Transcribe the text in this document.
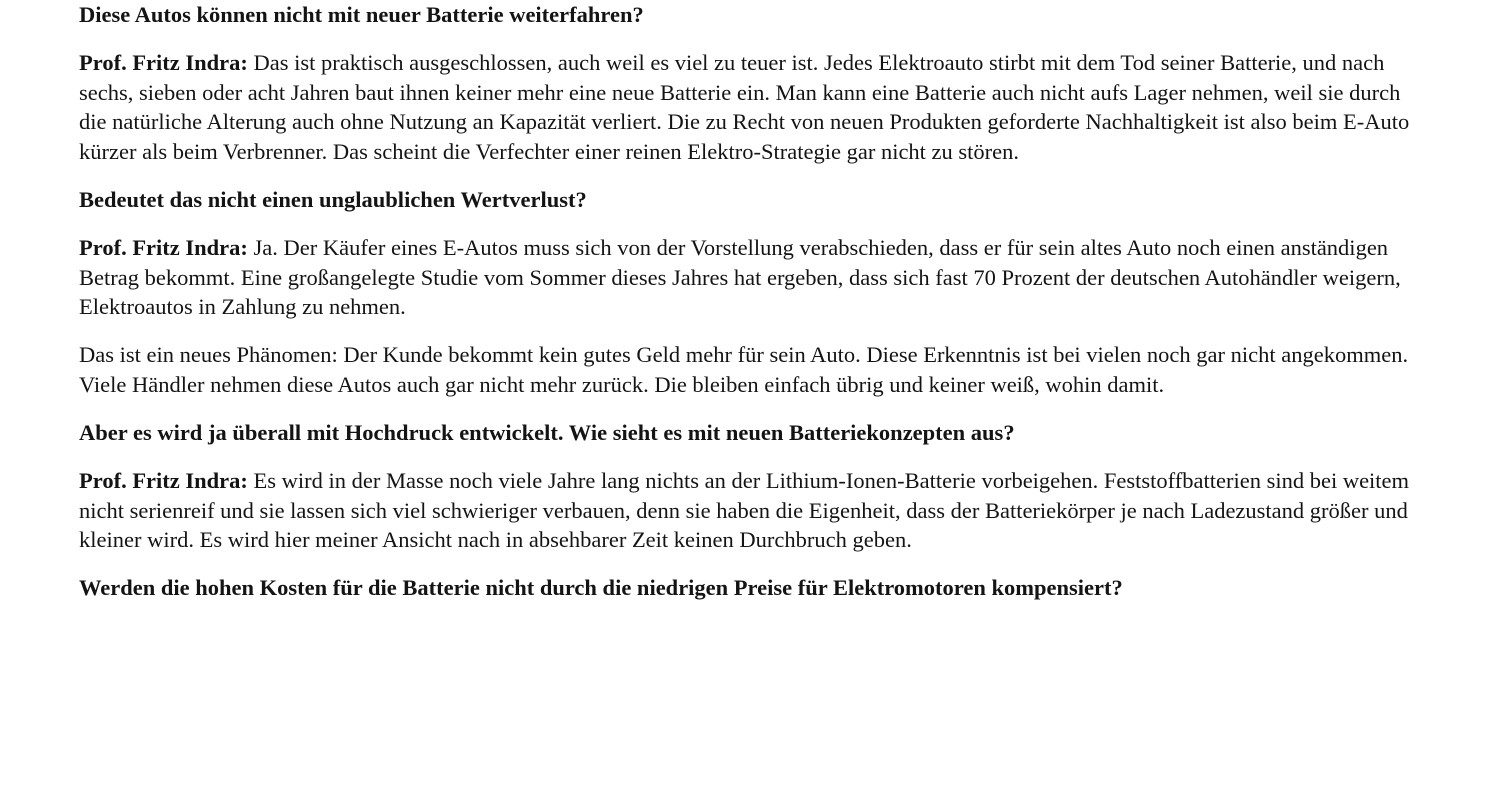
Diese Autos können nicht mit neuer Batterie weiterfahren?

Prof. Fritz Indra: Das ist praktisch ausgeschlossen, auch weil es viel zu teuer ist. Jedes Elektroauto stirbt mit dem Tod seiner Batterie, und nach sechs, sieben oder acht Jahren baut ihnen keiner mehr eine neue Batterie ein. Man kann eine Batterie auch nicht aufs Lager nehmen, weil sie durch die natürliche Alterung auch ohne Nutzung an Kapazität verliert. Die zu Recht von neuen Produkten geforderte Nachhaltigkeit ist also beim E-Auto kürzer als beim Verbrenner. Das scheint die Verfechter einer reinen Elektro-Strategie gar nicht zu stören.

Bedeutet das nicht einen unglaublichen Wertverlust?

Prof. Fritz Indra: Ja. Der Käufer eines E-Autos muss sich von der Vorstellung verabschieden, dass er für sein altes Auto noch einen anständigen Betrag bekommt. Eine großangelegte Studie vom Sommer dieses Jahres hat ergeben, dass sich fast 70 Prozent der deutschen Autohändler weigern, Elektroautos in Zahlung zu nehmen.

Das ist ein neues Phänomen: Der Kunde bekommt kein gutes Geld mehr für sein Auto. Diese Erkenntnis ist bei vielen noch gar nicht angekommen. Viele Händler nehmen diese Autos auch gar nicht mehr zurück. Die bleiben einfach übrig und keiner weiß, wohin damit.

Aber es wird ja überall mit Hochdruck entwickelt. Wie sieht es mit neuen Batteriekonzepten aus?

Prof. Fritz Indra: Es wird in der Masse noch viele Jahre lang nichts an der Lithium-Ionen-Batterie vorbeigehen. Feststoffbatterien sind bei weitem nicht serienreif und sie lassen sich viel schwieriger verbauen, denn sie haben die Eigenheit, dass der Batteriekörper je nach Ladezustand größer und kleiner wird. Es wird hier meiner Ansicht nach in absehbarer Zeit keinen Durchbruch geben.

Werden die hohen Kosten für die Batterie nicht durch die niedrigen Preise für Elektromotoren kompensiert?
